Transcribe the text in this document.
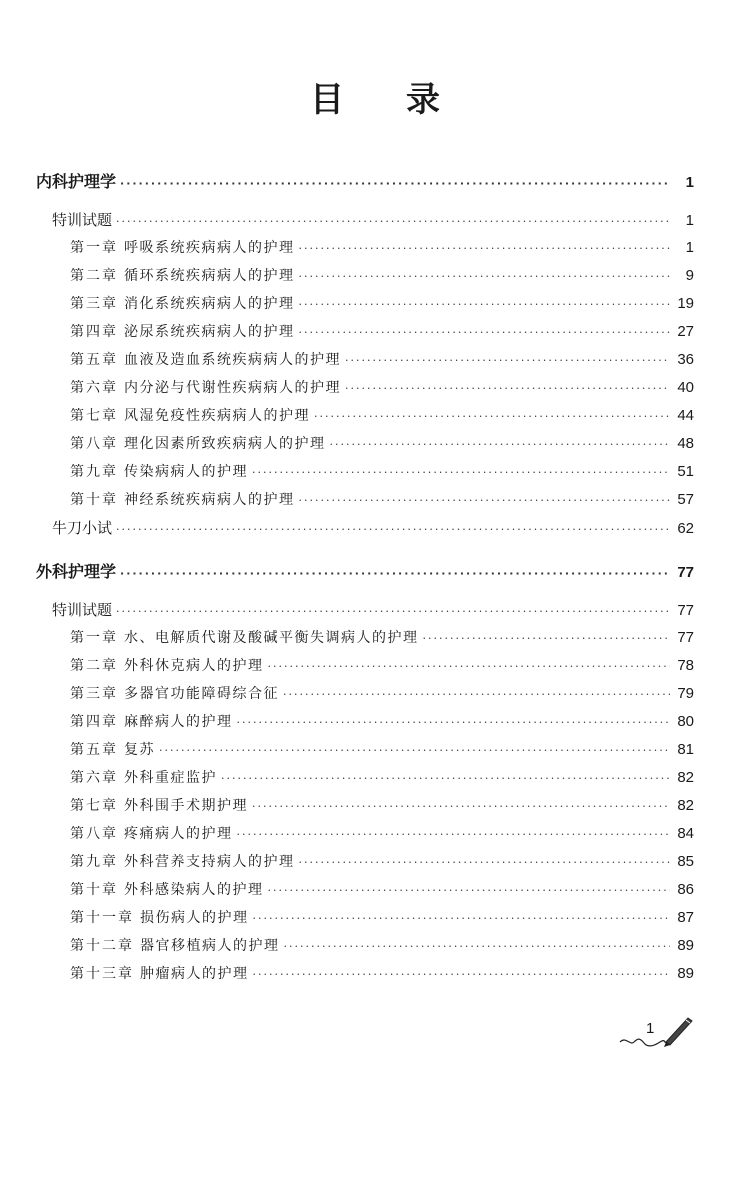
目录
内科护理学 ·····	1
特训试题 ·····	1
第一章 呼吸系统疾病病人的护理 ·····	1
第二章 循环系统疾病病人的护理 ·····	9
第三章 消化系统疾病病人的护理 ·····	19
第四章 泌尿系统疾病病人的护理 ·····	27
第五章 血液及造血系统疾病病人的护理 ·····	36
第六章 内分泌与代谢性疾病病人的护理 ·····	40
第七章 风湿免疫性疾病病人的护理 ·····	44
第八章 理化因素所致疾病病人的护理 ·····	48
第九章 传染病病人的护理 ·····	51
第十章 神经系统疾病病人的护理 ·····	57
牛刀小试 ·····	62
外科护理学 ·····	77
特训试题 ·····	77
第一章 水、电解质代谢及酸碱平衡失调病人的护理 ·····	77
第二章 外科休克病人的护理 ·····	78
第三章 多器官功能障碍综合征 ·····	79
第四章 麻醉病人的护理 ·····	80
第五章 复苏 ·····	81
第六章 外科重症监护 ·····	82
第七章 外科围手术期护理 ·····	82
第八章 疼痛病人的护理 ·····	84
第九章 外科营养支持病人的护理 ·····	85
第十章 外科感染病人的护理 ·····	86
第十一章 损伤病人的护理 ·····	87
第十二章 器官移植病人的护理 ·····	89
第十三章 肿瘤病人的护理 ·····	89
1
